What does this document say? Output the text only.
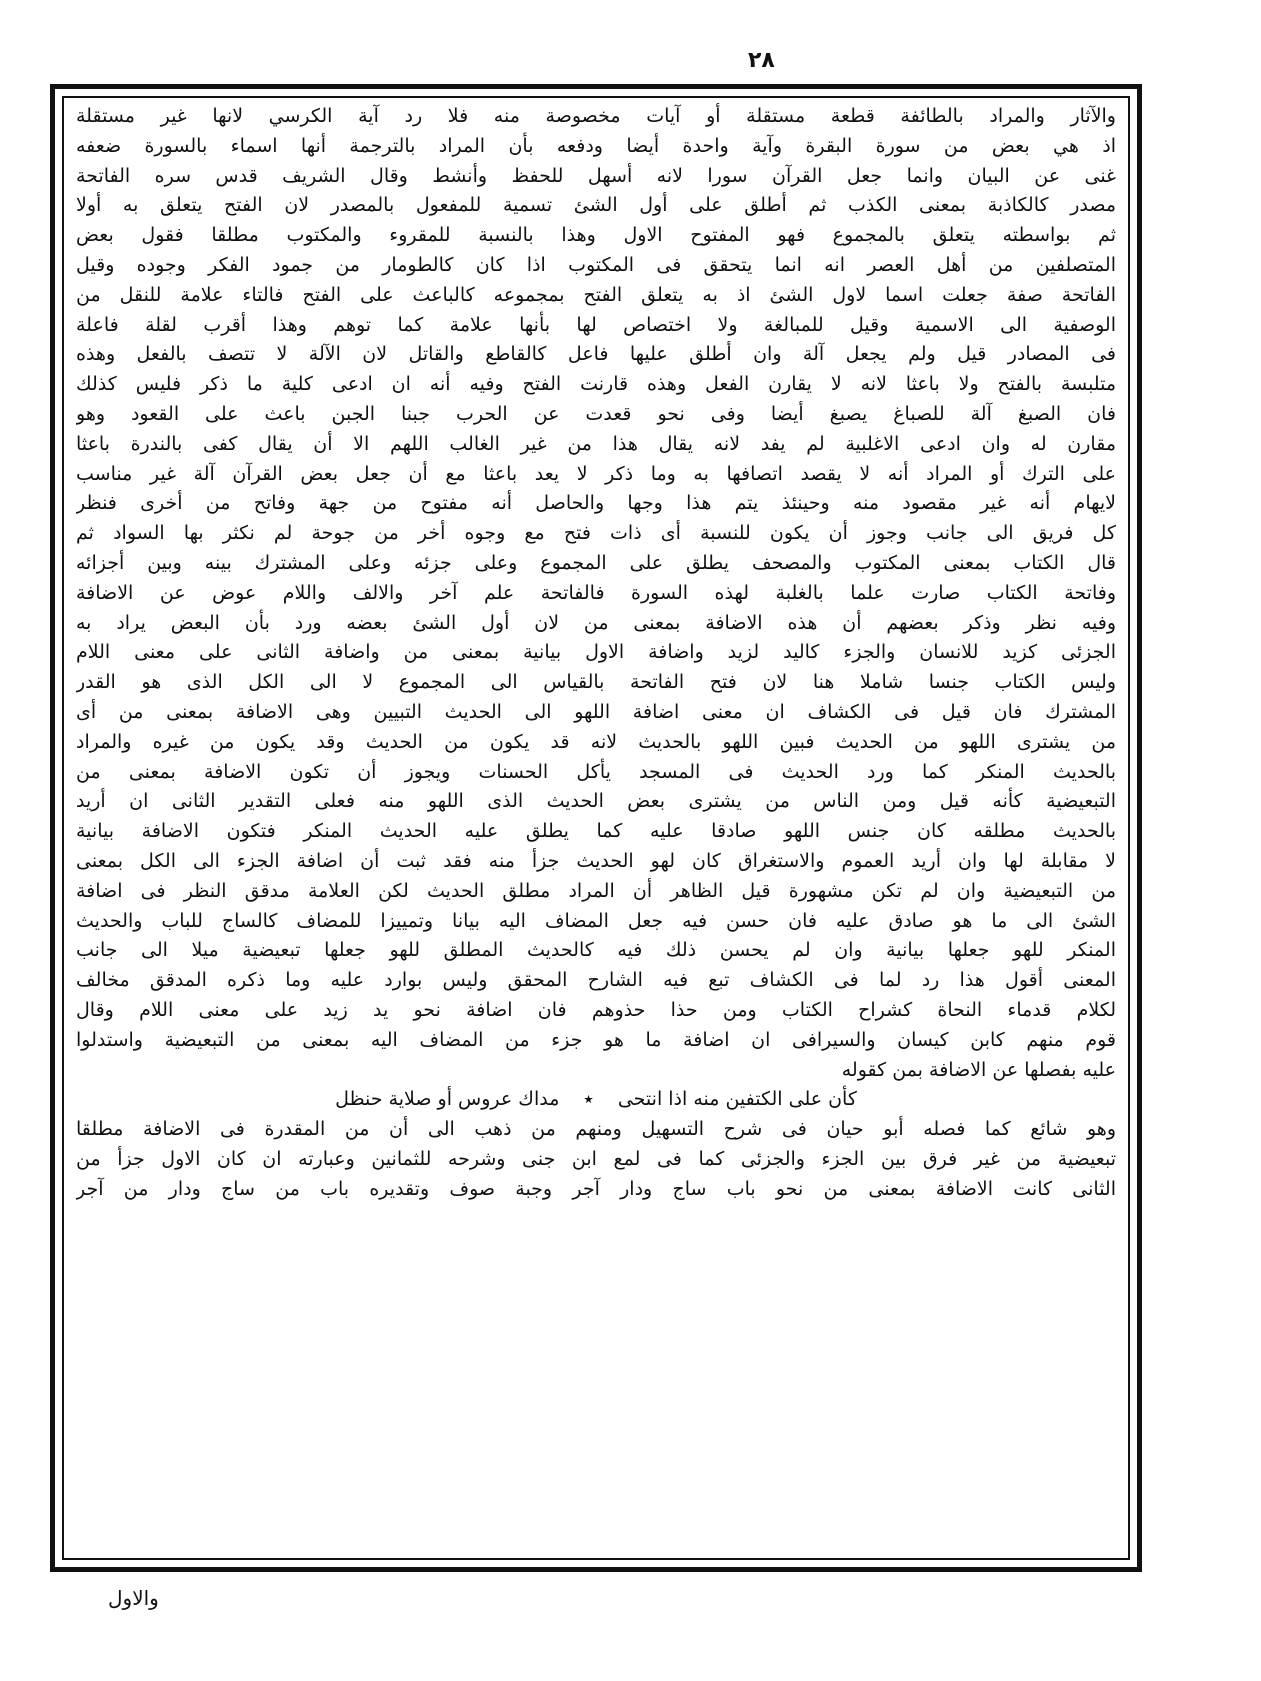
٢٨
والآثار والمراد بالطائفة قطعة مستقلة أو آيات مخصوصة منه فلا رد آية الكرسي لانها غير مستقلة
اذ هي بعض من سورة البقرة وآية واحدة أيضا ودفعه بأن المراد بالترجمة أنها اسماء بالسورة ضعفه
غنى عن البيان وانما جعل القرآن سورا لانه أسهل للحفظ وأنشط وقال الشريف قدس سره الفاتحة
مصدر كالكاذبة بمعنى الكذب ثم أطلق على أول الشئ تسمية للمفعول بالمصدر لان الفتح يتعلق به أولا
ثم بواسطته يتعلق بالمجموع فهو المفتوح الاول وهذا بالنسبة للمقروء والمكتوب مطلقا فقول بعض
المتصلفين من أهل العصر انه انما يتحقق فى المكتوب اذا كان كالطومار من جمود الفكر وجوده وقيل
الفاتحة صفة جعلت اسما لاول الشئ اذ به يتعلق الفتح بمجموعه كالباعث على الفتح فالتاء علامة للنقل من
الوصفية الى الاسمية وقيل للمبالغة ولا اختصاص لها بأنها علامة كما توهم وهذا أقرب لقلة فاعلة
فى المصادر قيل ولم يجعل آلة وان أطلق عليها فاعل كالقاطع والقاتل لان الآلة لا تتصف بالفعل وهذه
متلبسة بالفتح ولا باعثا لانه لا يقارن الفعل وهذه قارنت الفتح وفيه أنه ان ادعى كلية ما ذكر فليس كذلك
فان الصبغ آلة للصباغ يصبغ أيضا وفى نحو قعدت عن الحرب جبنا الجبن باعث على القعود وهو
مقارن له وان ادعى الاغلبية لم يفد لانه يقال هذا من غير الغالب اللهم الا أن يقال كفى بالندرة باعثا
على الترك أو المراد أنه لا يقصد اتصافها به وما ذكر لا يعد باعثا مع أن جعل بعض القرآن آلة غير مناسب
لايهام أنه غير مقصود منه وحينئذ يتم هذا وجها والحاصل أنه مفتوح من جهة وفاتح من أخرى فنظر
كل فريق الى جانب وجوز أن يكون للنسبة أى ذات فتح مع وجوه أخر من جوحة لم نكثر بها السواد ثم
قال الكتاب بمعنى المكتوب والمصحف يطلق على المجموع وعلى جزئه وعلى المشترك بينه وبين أجزائه
وفاتحة الكتاب صارت علما بالغلبة لهذه السورة فالفاتحة علم آخر والالف واللام عوض عن الاضافة
وفيه نظر وذكر بعضهم أن هذه الاضافة بمعنى من لان أول الشئ بعضه ورد بأن البعض يراد به
الجزئى كزيد للانسان والجزء كاليد لزيد واضافة الاول بيانية بمعنى من واضافة الثانى على معنى اللام
وليس الكتاب جنسا شاملا هنا لان فتح الفاتحة بالقياس الى المجموع لا الى الكل الذى هو القدر
المشترك فان قيل فى الكشاف ان معنى اضافة اللهو الى الحديث التبيين وهى الاضافة بمعنى من أى
من يشترى اللهو من الحديث فبين اللهو بالحديث لانه قد يكون من الحديث وقد يكون من غيره والمراد
بالحديث المنكر كما ورد الحديث فى المسجد يأكل الحسنات ويجوز أن تكون الاضافة بمعنى من
التبعيضية كأنه قيل ومن الناس من يشترى بعض الحديث الذى اللهو منه فعلى التقدير الثانى ان أريد
بالحديث مطلقه كان جنس اللهو صادقا عليه كما يطلق عليه الحديث المنكر فتكون الاضافة بيانية
لا مقابلة لها وان أريد العموم والاستغراق كان لهو الحديث جزأ منه فقد ثبت أن اضافة الجزء الى الكل بمعنى
من التبعيضية وان لم تكن مشهورة قيل الظاهر أن المراد مطلق الحديث لكن العلامة مدقق النظر فى اضافة
الشئ الى ما هو صادق عليه فان حسن فيه جعل المضاف اليه بيانا وتمييزا للمضاف كالساج للباب والحديث
المنكر للهو جعلها بيانية وان لم يحسن ذلك فيه كالحديث المطلق للهو جعلها تبعيضية ميلا الى جانب
المعنى أقول هذا رد لما فى الكشاف تبع فيه الشارح المحقق وليس بوارد عليه وما ذكره المدقق مخالف
لكلام قدماء النحاة كشراح الكتاب ومن حذا حذوهم فان اضافة نحو يد زيد على معنى اللام وقال
قوم منهم كابن كيسان والسيرافى ان اضافة ما هو جزء من المضاف اليه بمعنى من التبعيضية واستدلوا
عليه بفصلها عن الاضافة بمن كقوله
كأن على الكتفين منه اذا انتحى ٭ مداك عروس أو صلاية حنظل
وهو شائع كما فصله أبو حيان فى شرح التسهيل ومنهم من ذهب الى أن من المقدرة فى الاضافة مطلقا
تبعيضية من غير فرق بين الجزء والجزئى كما فى لمع ابن جنى وشرحه للثمانين وعبارته ان كان الاول جزأ من
الثانى كانت الاضافة بمعنى من نحو باب ساج ودار آجر وجبة صوف وتقديره باب من ساج ودار من آجر
والاول
